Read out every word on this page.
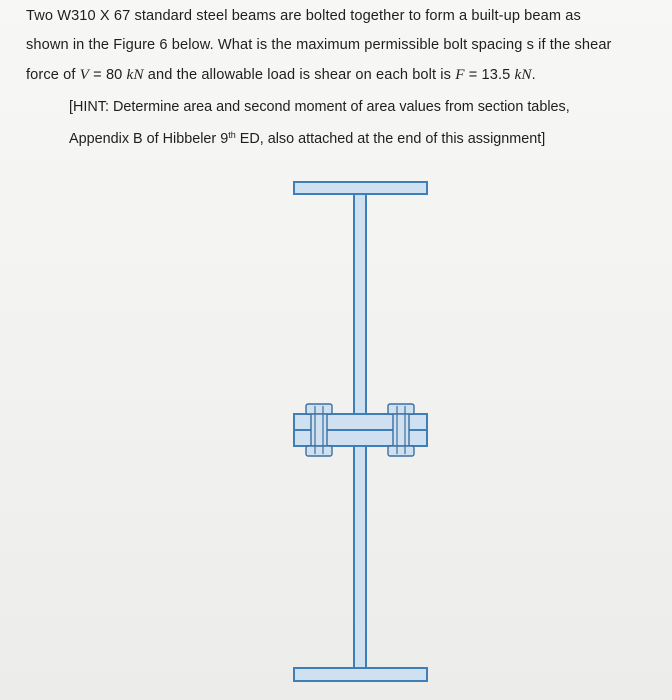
Two W310 X 67 standard steel beams are bolted together to form a built-up beam as
shown in the Figure 6 below. What is the maximum permissible bolt spacing s if the shear
force of V = 80 kN and the allowable load is shear on each bolt is F = 13.5 kN.
[HINT: Determine area and second moment of area values from section tables,
Appendix B of Hibbeler 9th ED, also attached at the end of this assignment]
